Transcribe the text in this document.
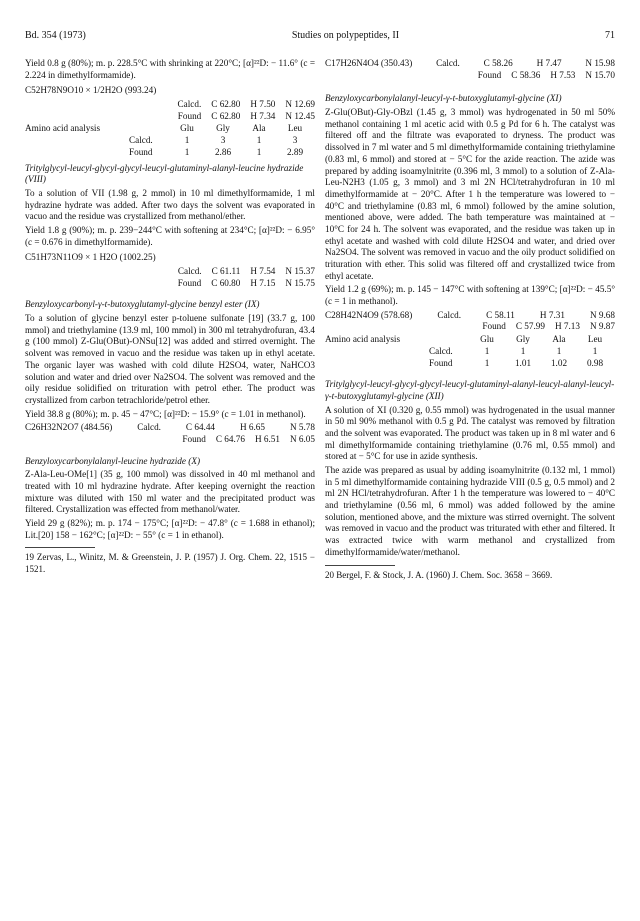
Bd. 354 (1973)	Studies on polypeptides, II	71

Yield 0.8 g (80%); m. p. 228.5°C with shrinking at 220°C; [α]²²D: − 11.6° (c = 2.224 in dimethylformamide).

C52H78N9O10 × 1/2H2O (993.24)

Calcd. C 62.80 H 7.50 N 12.69
Found C 62.80 H 7.34 N 12.45
Amino acid analysis		Glu	Gly	Ala	Leu
	Calcd.	1	3	1	3
	Found	1	2.86	1	2.89

Tritylglycyl-leucyl-glycyl-glycyl-leucyl-glutaminyl-alanyl-leucine hydrazide (VIII)

To a solution of VII (1.98 g, 2 mmol) in 10 ml dimethylformamide, 1 ml hydrazine hydrate was added. After two days the solvent was evaporated in vacuo and the residue was crystallized from methanol/ether.

Yield 1.8 g (90%); m. p. 239−244°C with softening at 234°C; [α]²²D: − 6.95° (c = 0.676 in dimethylformamide).

C51H73N11O9 × 1 H2O (1002.25)

Calcd. C 61.11 H 7.54 N 15.37
Found C 60.80 H 7.15 N 15.75

Benzyloxycarbonyl-γ-t-butoxyglutamyl-glycine benzyl ester (IX)

To a solution of glycine benzyl ester p-toluene sulfonate [19] (33.7 g, 100 mmol) and triethylamine (13.9 ml, 100 mmol) in 300 ml tetrahydrofuran, 43.4 g (100 mmol) Z-Glu(OBut)-ONSu[12] was added and stirred overnight. The solvent was removed in vacuo and the residue was taken up in ethyl acetate. The organic layer was washed with cold dilute H2SO4, water, NaHCO3 solution and water and dried over Na2SO4. The solvent was removed and the oily residue solidified on trituration with petrol ether. The product was crystallized from carbon tetrachloride/petrol ether.

Yield 38.8 g (80%); m. p. 45 − 47°C; [α]²²D: − 15.9° (c = 1.01 in methanol).

C26H32N2O7 (484.56)	Calcd.	C 64.44	H 6.65	N 5.78
Found C 64.76 H 6.51 N 6.05

Benzyloxycarbonylalanyl-leucine hydrazide (X)

Z-Ala-Leu-OMe[1] (35 g, 100 mmol) was dissolved in 40 ml methanol and treated with 10 ml hydrazine hydrate. After keeping overnight the reaction mixture was diluted with 150 ml water and the precipitated product was filtered. Crystallization was effected from methanol/water.

Yield 29 g (82%); m. p. 174 − 175°C; [α]²²D: − 47.8° (c = 1.688 in ethanol); Lit.[20] 158 − 162°C; [α]²²D: − 55° (c = 1 in ethanol).

19 Zervas, L., Winitz, M. & Greenstein, J. P. (1957) J. Org. Chem. 22, 1515 − 1521.

C17H26N4O4 (350.43)	Calcd.	C 58.26	H 7.47	N 15.98
Found C 58.36 H 7.53 N 15.70

Benzyloxycarbonylalanyl-leucyl-γ-t-butoxyglutamyl-glycine (XI)

Z-Glu(OBut)-Gly-OBzl (1.45 g, 3 mmol) was hydrogenated in 50 ml 50% methanol containing 1 ml acetic acid with 0.5 g Pd for 6 h. The catalyst was filtered off and the filtrate was evaporated to dryness. The product was dissolved in 7 ml water and 5 ml dimethylformamide containing triethylamine (0.83 ml, 6 mmol) and stored at − 5°C for the azide reaction. The azide was prepared by adding isoamylnitrite (0.396 ml, 3 mmol) to a solution of Z-Ala-Leu-N2H3 (1.05 g, 3 mmol) and 3 ml 2N HCl/tetrahydrofuran in 10 ml dimethylformamide at − 20°C. After 1 h the temperature was lowered to − 40°C and triethylamine (0.83 ml, 6 mmol) followed by the amine solution, mentioned above, were added. The bath temperature was maintained at − 10°C for 24 h. The solvent was evaporated, and the residue was taken up in ethyl acetate and washed with cold dilute H2SO4 and water, and dried over Na2SO4. The solvent was removed in vacuo and the oily product solidified on trituration with ether. This solid was filtered off and crystallized twice from ethyl acetate.

Yield 1.2 g (69%); m. p. 145 − 147°C with softening at 139°C; [α]²²D: − 45.5° (c = 1 in methanol).

C28H42N4O9 (578.68)	Calcd.	C 58.11	H 7.31	N 9.68
Found C 57.99 H 7.13 N 9.87
Amino acid analysis		Glu	Gly	Ala	Leu
	Calcd.	1	1	1	1
	Found	1	1.01	1.02	0.98

Tritylglycyl-leucyl-glycyl-glycyl-leucyl-glutaminyl-alanyl-leucyl-alanyl-leucyl-γ-t-butoxyglutamyl-glycine (XII)

A solution of XI (0.320 g, 0.55 mmol) was hydrogenated in the usual manner in 50 ml 90% methanol with 0.5 g Pd. The catalyst was removed by filtration and the solvent was evaporated. The product was taken up in 8 ml water and 6 ml dimethylformamide containing triethylamine (0.76 ml, 0.55 mmol) and stored at − 5°C for use in azide synthesis.

The azide was prepared as usual by adding isoamylnitrite (0.132 ml, 1 mmol) in 5 ml dimethylformamide containing hydrazide VIII (0.5 g, 0.5 mmol) and 2 ml 2N HCl/tetrahydrofuran. After 1 h the temperature was lowered to − 40°C and triethylamine (0.56 ml, 6 mmol) was added followed by the amine solution, mentioned above, and the mixture was stirred overnight. The solvent was removed in vacuo and the product was triturated with ether and filtered. It was extracted twice with warm methanol and crystallized from dimethylformamide/water/methanol.

20 Bergel, F. & Stock, J. A. (1960) J. Chem. Soc. 3658 − 3669.
